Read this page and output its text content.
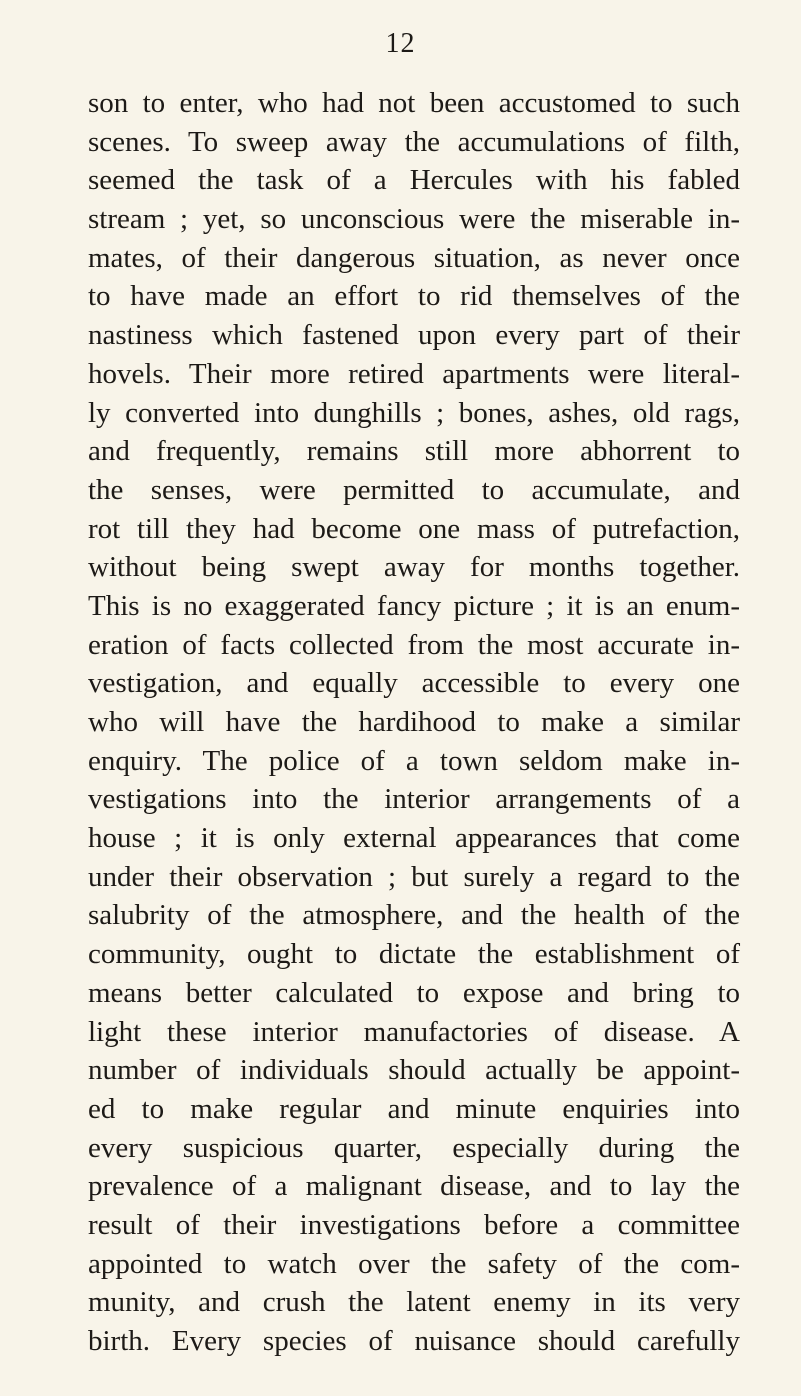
12
son to enter, who had not been accustomed to such
scenes. To sweep away the accumulations of filth,
seemed the task of a Hercules with his fabled
stream ; yet, so unconscious were the miserable in-
mates, of their dangerous situation, as never once
to have made an effort to rid themselves of the
nastiness which fastened upon every part of their
hovels. Their more retired apartments were literal-
ly converted into dunghills ; bones, ashes, old rags,
and frequently, remains still more abhorrent to
the senses, were permitted to accumulate, and
rot till they had become one mass of putrefaction,
without being swept away for months together.
This is no exaggerated fancy picture ; it is an enum-
eration of facts collected from the most accurate in-
vestigation, and equally accessible to every one
who will have the hardihood to make a similar
enquiry. The police of a town seldom make in-
vestigations into the interior arrangements of a
house ; it is only external appearances that come
under their observation ; but surely a regard to the
salubrity of the atmosphere, and the health of the
community, ought to dictate the establishment of
means better calculated to expose and bring to
light these interior manufactories of disease. A
number of individuals should actually be appoint-
ed to make regular and minute enquiries into
every suspicious quarter, especially during the
prevalence of a malignant disease, and to lay the
result of their investigations before a committee
appointed to watch over the safety of the com-
munity, and crush the latent enemy in its very
birth. Every species of nuisance should carefully
